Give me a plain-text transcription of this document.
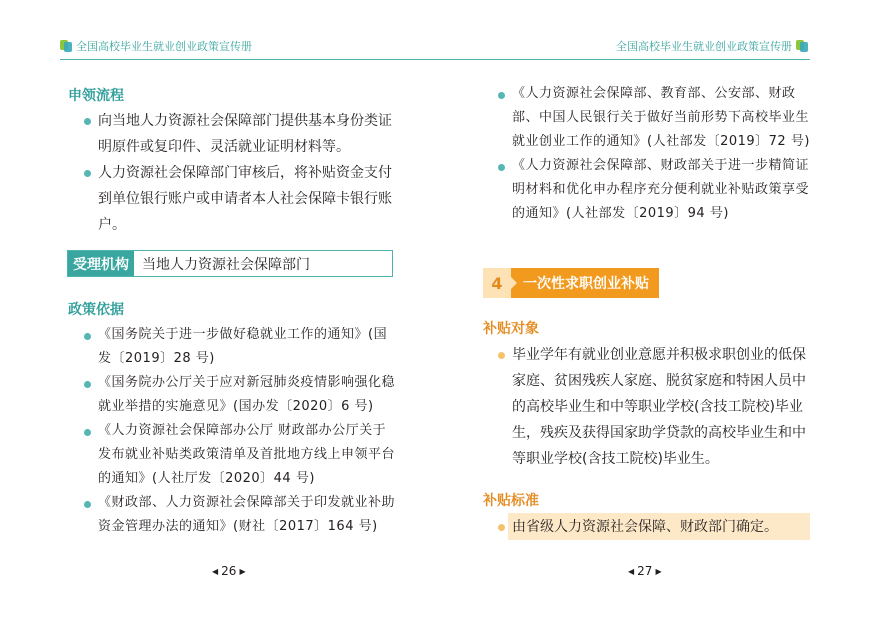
全国高校毕业生就业创业政策宣传册
申领流程
向当地人力资源社会保障部门提供基本身份类证明原件或复印件、灵活就业证明材料等。
人力资源社会保障部门审核后，将补贴资金支付到单位银行账户或申请者本人社会保障卡银行账户。
受理机构 当地人力资源社会保障部门
政策依据
《国务院关于进一步做好稳就业工作的通知》(国发〔2019〕28 号)
《国务院办公厅关于应对新冠肺炎疫情影响强化稳就业举措的实施意见》(国办发〔2020〕6 号)
《人力资源社会保障部办公厅 财政部办公厅关于发布就业补贴类政策清单及首批地方线上申领平台的通知》(人社厅发〔2020〕44 号)
《财政部、人力资源社会保障部关于印发就业补助资金管理办法的通知》(财社〔2017〕164 号)
◀ 26 ▶
全国高校毕业生就业创业政策宣传册
《人力资源社会保障部、教育部、公安部、财政部、中国人民银行关于做好当前形势下高校毕业生就业创业工作的通知》(人社部发〔2019〕72 号)
《人力资源社会保障部、财政部关于进一步精简证明材料和优化申办程序充分便利就业补贴政策享受的通知》(人社部发〔2019〕94 号)
4	一次性求职创业补贴
补贴对象
毕业学年有就业创业意愿并积极求职创业的低保家庭、贫困残疾人家庭、脱贫家庭和特困人员中的高校毕业生和中等职业学校(含技工院校)毕业生，残疾及获得国家助学贷款的高校毕业生和中等职业学校(含技工院校)毕业生。
补贴标准
由省级人力资源社会保障、财政部门确定。
◀ 27 ▶
